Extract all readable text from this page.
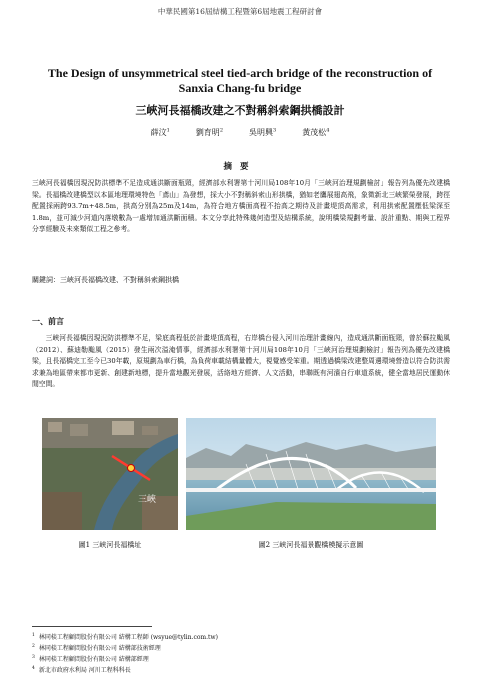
中華民國第16屆結構工程暨第6屆地震工程研討會
The Design of unsymmetrical steel tied-arch bridge of the reconstruction of Sanxia Chang-fu bridge
三峽河長福橋改建之不對稱斜索鋼拱橋設計
薛汶$^1$	劉育明$^2$	吳明興$^3$	黃茂松$^4$
摘要
三峽河長福橋因現況防洪標準不足造成通洪斷面瓶頸，經濟部水利署第十河川局108年10月「三峽河治理規劃檢討」報告列為優先改建橋梁。長福橋改建橋型以本區地理環境特色「鳶山」為發想，採大小不對稱斜索山形拱橋，猶如老鷹展翅高飛，象徵新北三峽繁榮發展，跨徑配置採兩跨93.7m+48.5m，拱高分別為25m及14m，為符合地方橋面高程不抬高之期待及計畫堤頂高需求，利用拱索配置壓低梁深至1.8m，並可減少河道內落墩數為一處增加通洪斷面積。本文分享此特殊幾何造型及結構系統，說明橋梁規劃考量、設計重點、期與工程界分享經驗及未來類似工程之參考。
關鍵詞：三峽河長福橋改建、不對稱斜索鋼拱橋
一、前言
三峽河長福橋因現況防洪標準不足，梁底高程低於計畫堤頂高程，右岸橋台侵入河川治理計畫線內，造成通洪斷面瓶頸，曾於蘇拉颱風（2012）、蘇迪勒颱風（2015）發生兩次溢淹情事，經濟部水利署第十河川局108年10月「三峽河治理規劃檢討」報告列為優先改建橋梁，且長福橋完工至今已30年載，原規劃為車行橋，為負荷車載結構量體大，視覺感受笨重。期透過橋梁改建整周邊環境營造以符合防洪需求兼為地區帶來都市更新、創建新地標，提升當地觀光發展，活絡地方經濟、人文活動，串聯既有河濱自行車道系統，健全當地居民運動休閒空間。
三峽
圖1 三峽河長福橋址	圖2 三峽河長福景觀橋模擬示意圖
$^1$ 林同棪工程顧問股份有限公司 結構工程師 (wsyue@tylin.com.tw)
$^2$ 林同棪工程顧問股份有限公司 結構部技術經理
$^3$ 林同棪工程顧問股份有限公司 結構部經理
$^4$ 新北市政府水利局 河川工程科科長
